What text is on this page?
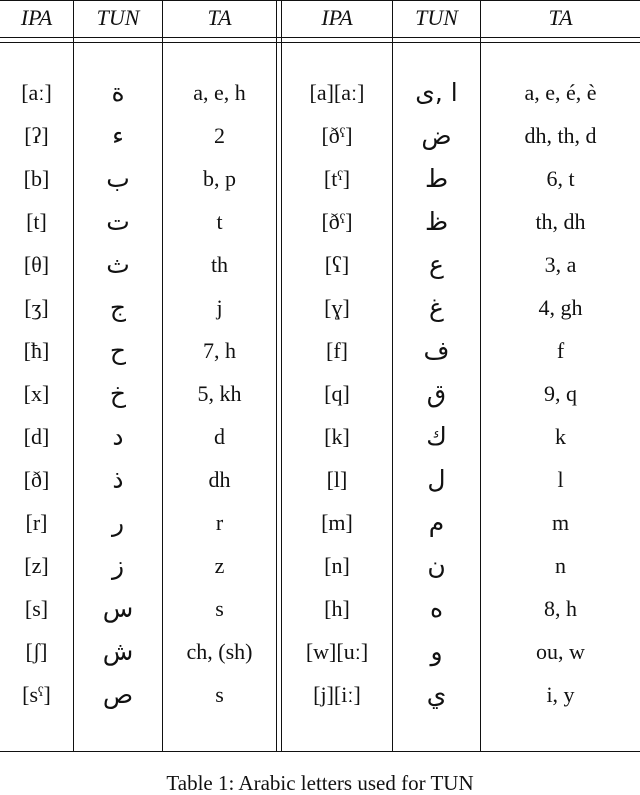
IPA	TUN	TA	IPA	TUN	TA
[aː]	ة	a, e, h	[a][aː]	ا ,ى	a, e, é, è
[ʔ]	ء	2	[ðˤ]	ض	dh, th, d
[b]	ب	b, p	[tˤ]	ط	6, t
[t]	ت	t	[ðˤ]	ظ	th, dh
[θ]	ث	th	[ʕ]	ع	3, a
[ʒ]	ج	j	[ɣ]	غ	4, gh
[ħ]	ح	7, h	[f]	ف	f
[x]	خ	5, kh	[q]	ق	9, q
[d]	د	d	[k]	ك	k
[ð]	ذ	dh	[l]	ل	l
[r]	ر	r	[m]	م	m
[z]	ز	z	[n]	ن	n
[s]	س	s	[h]	ه	8, h
[ʃ]	ش	ch, (sh)	[w][uː]	و	ou, w
[sˤ]	ص	s	[j][iː]	ي	i, y
Table 1: Arabic letters used for TUN
